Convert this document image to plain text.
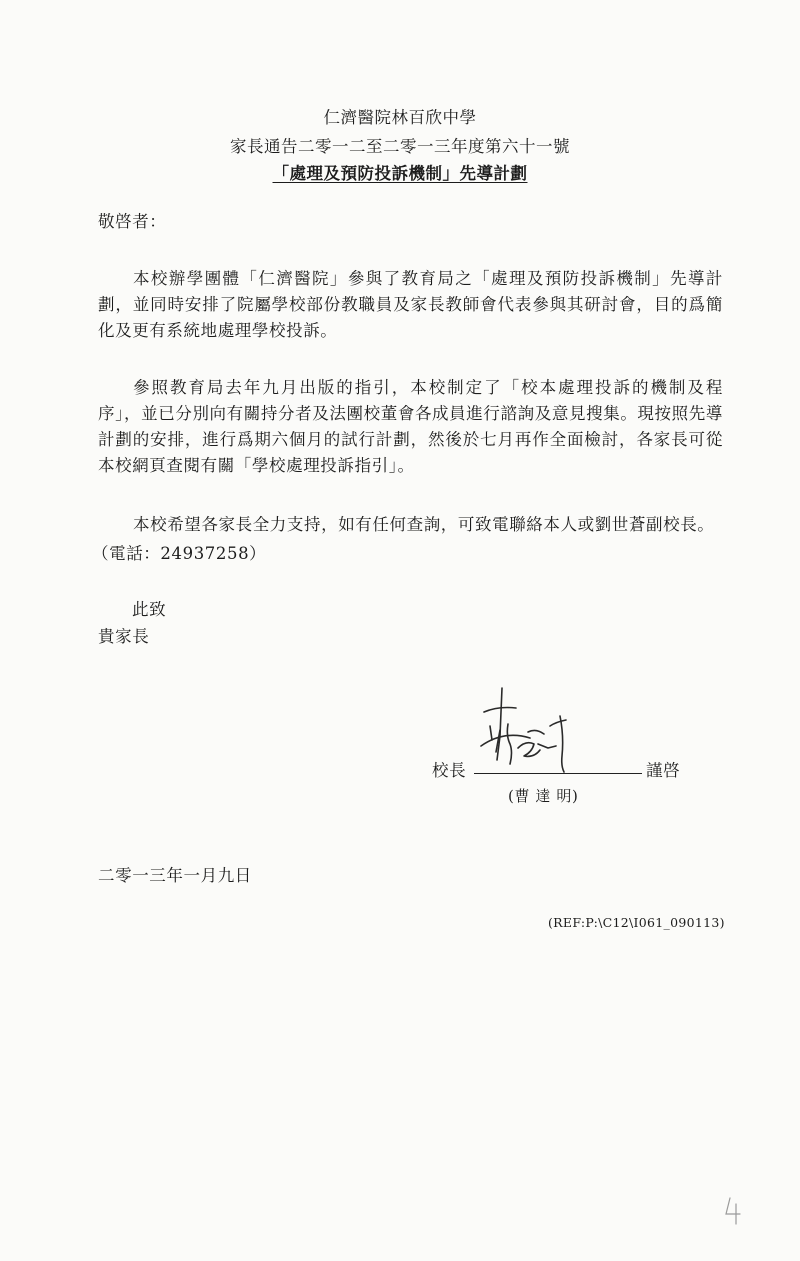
仁濟醫院林百欣中學
家長通告二零一二至二零一三年度第六十一號
「處理及預防投訴機制」先導計劃
敬啓者：
本校辦學團體「仁濟醫院」參與了教育局之「處理及預防投訴機制」先導計劃，並同時安排了院屬學校部份教職員及家長教師會代表參與其研討會，目的爲簡化及更有系統地處理學校投訴。
參照教育局去年九月出版的指引，本校制定了「校本處理投訴的機制及程序」，並已分別向有關持分者及法團校董會各成員進行諮詢及意見搜集。現按照先導計劃的安排，進行爲期六個月的試行計劃，然後於七月再作全面檢討，各家長可從本校網頁查閱有關「學校處理投訴指引」。
本校希望各家長全力支持，如有任何查詢，可致電聯絡本人或劉世蒼副校長。
（電話：24937258）
此致
貴家長
校長	謹啓
(曹 達 明)
二零一三年一月九日
(REF:P:\C12\I061_090113)
